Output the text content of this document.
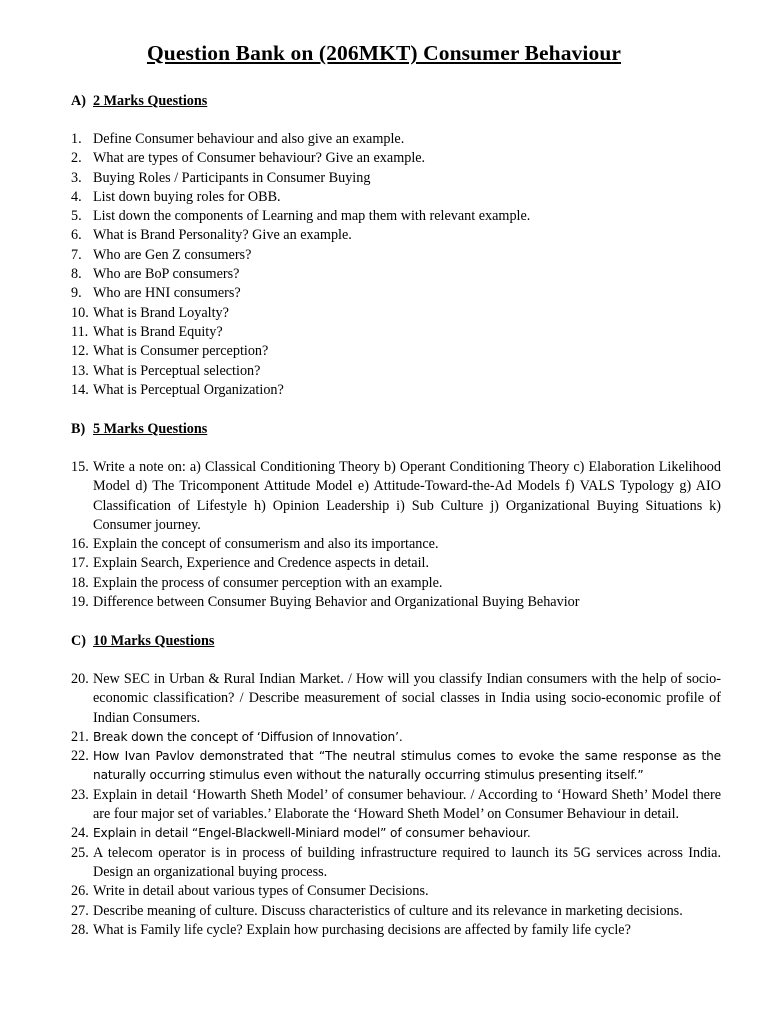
Question Bank on (206MKT) Consumer Behaviour
A) 2 Marks Questions
1. Define Consumer behaviour and also give an example.
2. What are types of Consumer behaviour? Give an example.
3. Buying Roles / Participants in Consumer Buying
4. List down buying roles for OBB.
5. List down the components of Learning and map them with relevant example.
6. What is Brand Personality? Give an example.
7. Who are Gen Z consumers?
8. Who are BoP consumers?
9. Who are HNI consumers?
10. What is Brand Loyalty?
11. What is Brand Equity?
12. What is Consumer perception?
13. What is Perceptual selection?
14. What is Perceptual Organization?
B) 5 Marks Questions
15. Write a note on: a) Classical Conditioning Theory b) Operant Conditioning Theory c) Elaboration Likelihood Model d) The Tricomponent Attitude Model e) Attitude-Toward-the-Ad Models f) VALS Typology g) AIO Classification of Lifestyle h) Opinion Leadership i) Sub Culture j) Organizational Buying Situations k) Consumer journey.
16. Explain the concept of consumerism and also its importance.
17. Explain Search, Experience and Credence aspects in detail.
18. Explain the process of consumer perception with an example.
19. Difference between Consumer Buying Behavior and Organizational Buying Behavior
C) 10 Marks Questions
20. New SEC in Urban & Rural Indian Market. / How will you classify Indian consumers with the help of socio-economic classification? / Describe measurement of social classes in India using socio-economic profile of Indian Consumers.
21. Break down the concept of ‘Diffusion of Innovation’.
22. How Ivan Pavlov demonstrated that “The neutral stimulus comes to evoke the same response as the naturally occurring stimulus even without the naturally occurring stimulus presenting itself.”
23. Explain in detail ‘Howarth Sheth Model’ of consumer behaviour. / According to ‘Howard Sheth’ Model there are four major set of variables.’ Elaborate the ‘Howard Sheth Model’ on Consumer Behaviour in detail.
24. Explain in detail “Engel-Blackwell-Miniard model” of consumer behaviour.
25. A telecom operator is in process of building infrastructure required to launch its 5G services across India. Design an organizational buying process.
26. Write in detail about various types of Consumer Decisions.
27. Describe meaning of culture. Discuss characteristics of culture and its relevance in marketing decisions.
28. What is Family life cycle? Explain how purchasing decisions are affected by family life cycle?
